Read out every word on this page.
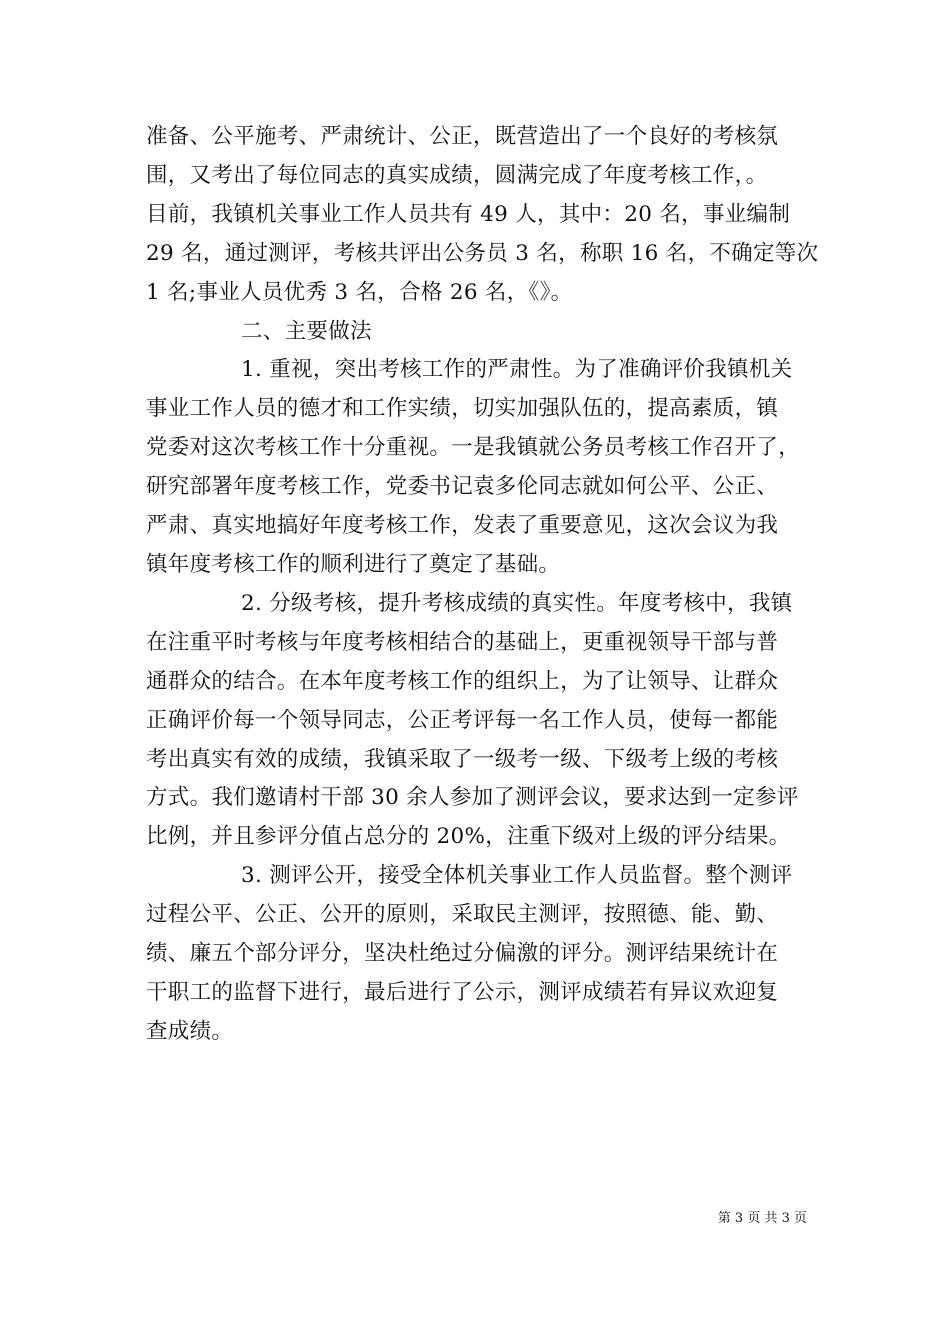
准备、公平施考、严肃统计、公正，既营造出了一个良好的考核氛
围，又考出了每位同志的真实成绩，圆满完成了年度考核工作，。
目前，我镇机关事业工作人员共有 49 人，其中：20 名，事业编制
29 名，通过测评，考核共评出公务员 3 名，称职 16 名，不确定等次
1 名;事业人员优秀 3 名，合格 26 名，《》。
二、主要做法
1. 重视，突出考核工作的严肃性。为了准确评价我镇机关
事业工作人员的德才和工作实绩，切实加强队伍的，提高素质，镇
党委对这次考核工作十分重视。一是我镇就公务员考核工作召开了，
研究部署年度考核工作，党委书记袁多伦同志就如何公平、公正、
严肃、真实地搞好年度考核工作，发表了重要意见，这次会议为我
镇年度考核工作的顺利进行了奠定了基础。
2. 分级考核，提升考核成绩的真实性。年度考核中，我镇
在注重平时考核与年度考核相结合的基础上，更重视领导干部与普
通群众的结合。在本年度考核工作的组织上，为了让领导、让群众
正确评价每一个领导同志，公正考评每一名工作人员，使每一都能
考出真实有效的成绩，我镇采取了一级考一级、下级考上级的考核
方式。我们邀请村干部 30 余人参加了测评会议，要求达到一定参评
比例，并且参评分值占总分的 20%，注重下级对上级的评分结果。
3. 测评公开，接受全体机关事业工作人员监督。整个测评
过程公平、公正、公开的原则，采取民主测评，按照德、能、勤、
绩、廉五个部分评分，坚决杜绝过分偏激的评分。测评结果统计在
干职工的监督下进行，最后进行了公示，测评成绩若有异议欢迎复
查成绩。
第 3 页 共 3 页
